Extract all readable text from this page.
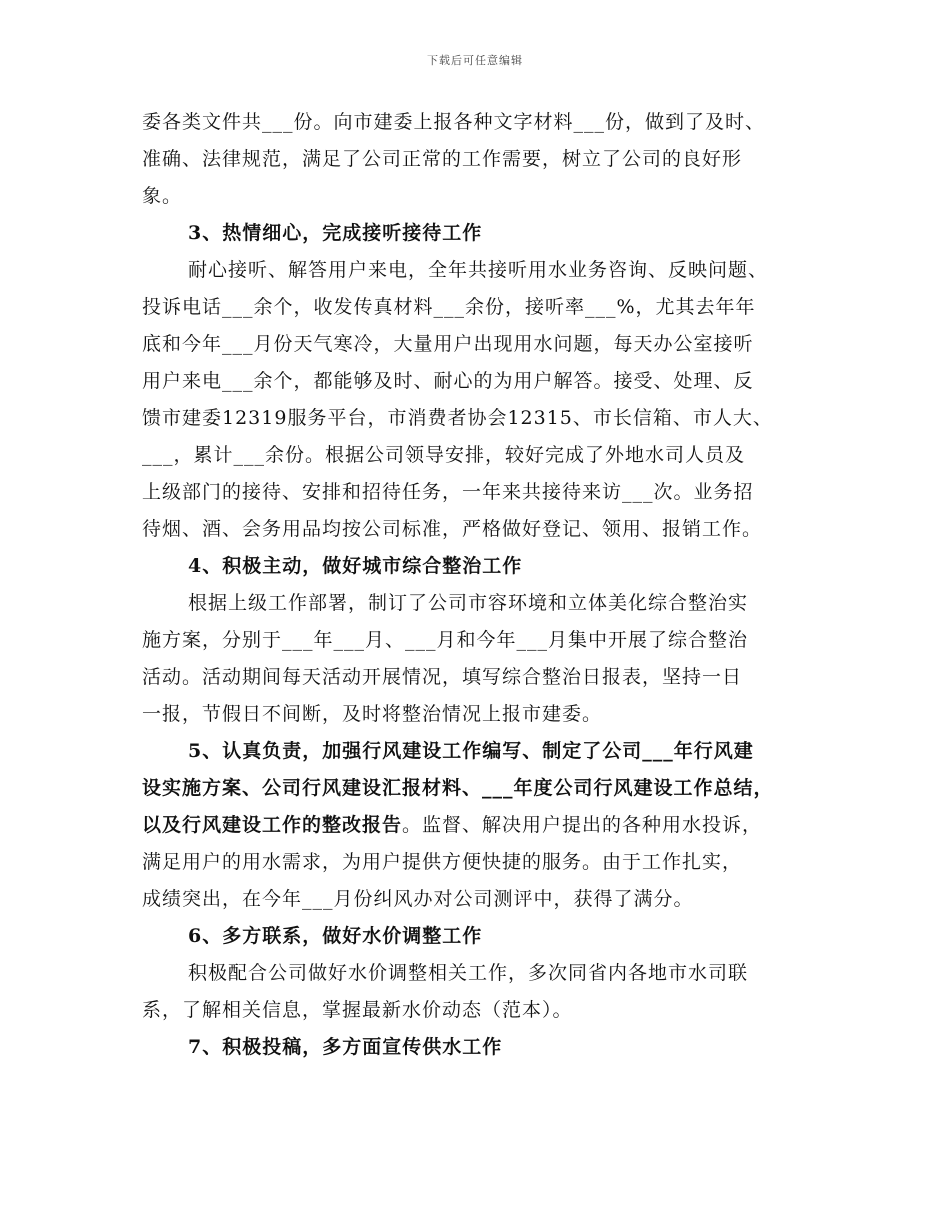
下载后可任意编辑
委各类文件共___份。向市建委上报各种文字材料___份，做到了及时、
准确、法律规范，满足了公司正常的工作需要，树立了公司的良好形
象。
3、热情细心，完成接听接待工作
耐心接听、解答用户来电，全年共接听用水业务咨询、反映问题、
投诉电话___余个，收发传真材料___余份，接听率___%，尤其去年年
底和今年___月份天气寒冷，大量用户出现用水问题，每天办公室接听
用户来电___余个，都能够及时、耐心的为用户解答。接受、处理、反
馈市建委12319服务平台，市消费者协会12315、市长信箱、市人大、
___，累计___余份。根据公司领导安排，较好完成了外地水司人员及
上级部门的接待、安排和招待任务，一年来共接待来访___次。业务招
待烟、酒、会务用品均按公司标准，严格做好登记、领用、报销工作。
4、积极主动，做好城市综合整治工作
根据上级工作部署，制订了公司市容环境和立体美化综合整治实
施方案，分别于___年___月、___月和今年___月集中开展了综合整治
活动。活动期间每天活动开展情况，填写综合整治日报表，坚持一日
一报，节假日不间断，及时将整治情况上报市建委。
5、认真负责，加强行风建设工作编写、制定了公司___年行风建
设实施方案、公司行风建设汇报材料、___年度公司行风建设工作总结，
以及行风建设工作的整改报告。监督、解决用户提出的各种用水投诉，
满足用户的用水需求，为用户提供方便快捷的服务。由于工作扎实，
成绩突出，在今年___月份纠风办对公司测评中，获得了满分。
6、多方联系，做好水价调整工作
积极配合公司做好水价调整相关工作，多次同省内各地市水司联
系，了解相关信息，掌握最新水价动态（范本）。
7、积极投稿，多方面宣传供水工作
